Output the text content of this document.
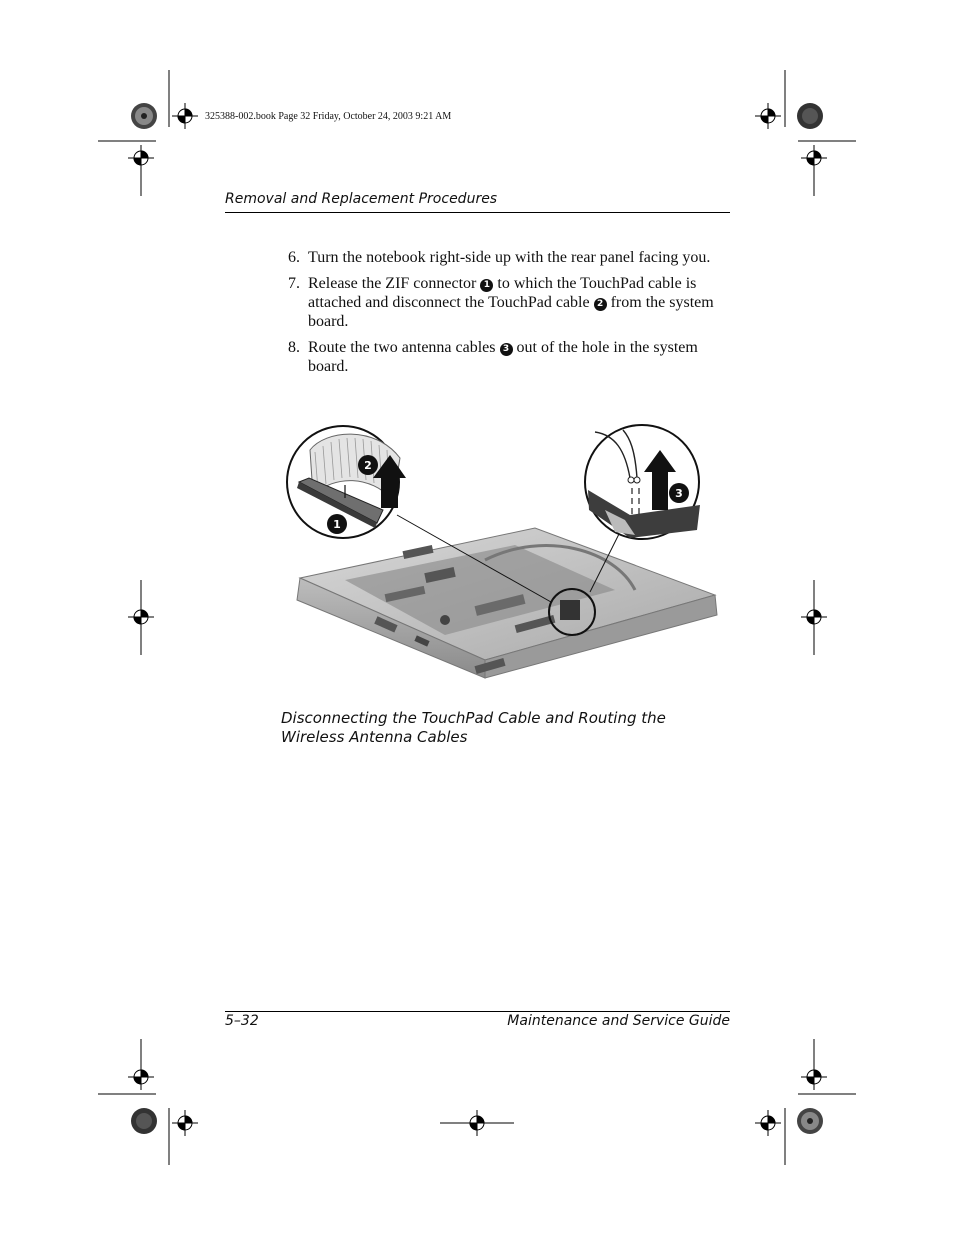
325388-002.book Page 32 Friday, October 24, 2003 9:21 AM
Removal and Replacement Procedures
6. Turn the notebook right-side up with the rear panel facing you.
7. Release the ZIF connector 1 to which the TouchPad cable is attached and disconnect the TouchPad cable 2 from the system board.
8. Route the two antenna cables 3 out of the hole in the system board.
1
2
3
Disconnecting the TouchPad Cable and Routing the Wireless Antenna Cables
5–32	Maintenance and Service Guide
